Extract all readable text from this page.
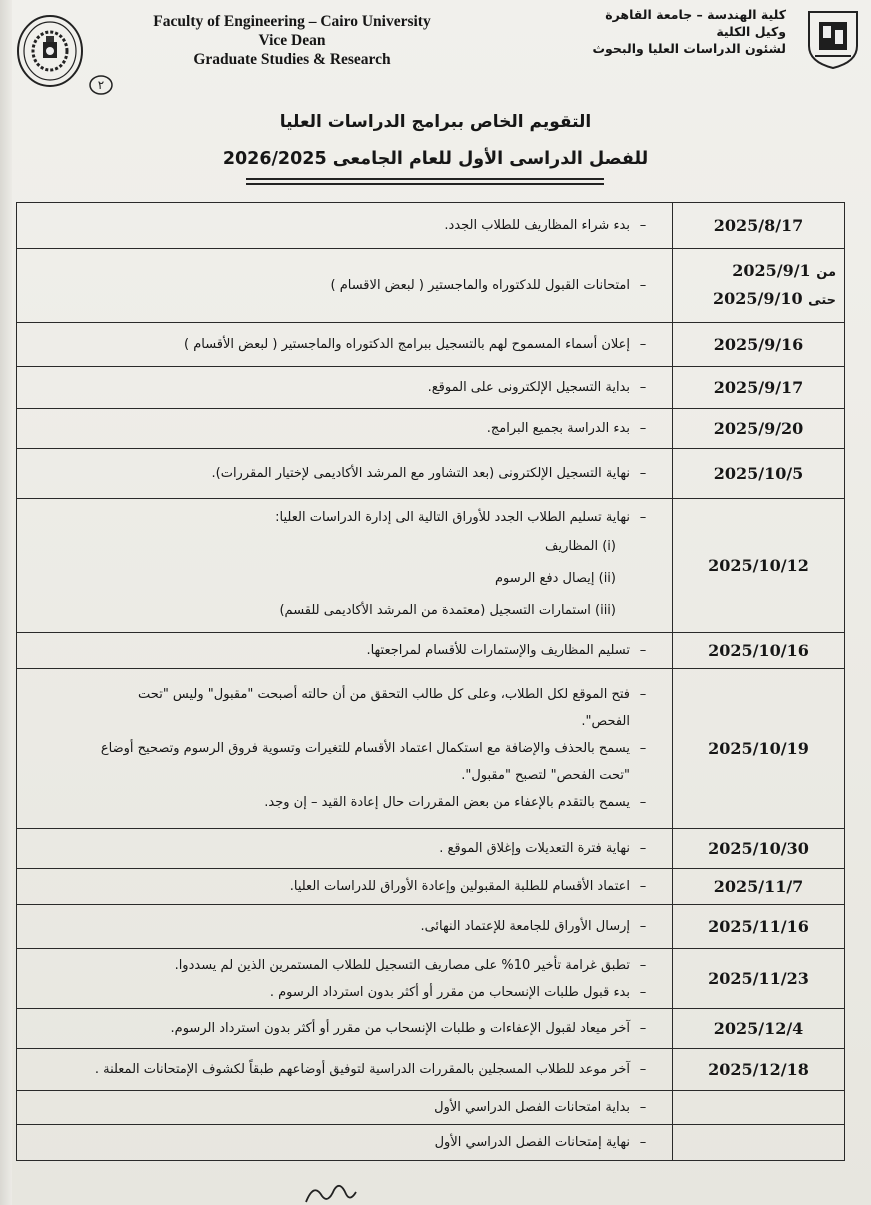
Faculty of Engineering – Cairo University
Vice Dean
Graduate Studies & Research
كلية الهندسة – جامعة القاهرة
وكيل الكلية
لشئون الدراسات العليا والبحوث
٢
التقويم الخاص ببرامج الدراسات العليا
للفصل الدراسى الأول للعام الجامعى 2026/2025
–بدء شراء المظاريف للطلاب الجدد.	2025/8/17

–امتحانات القبول للدكتوراه والماجستير ( لبعض الاقسام )	من 2025/9/1
حتى 2025/9/10

–إعلان أسماء المسموح لهم بالتسجيل ببرامج الدكتوراه والماجستير ( لبعض الأقسام )	2025/9/16

–بداية التسجيل الإلكترونى على الموقع.	2025/9/17

–بدء الدراسة بجميع البرامج.	2025/9/20

–نهاية التسجيل الإلكترونى (بعد التشاور مع المرشد الأكاديمى لإختيار المقررات).	2025/10/5

–نهاية تسليم الطلاب الجدد للأوراق التالية الى إدارة الدراسات العليا:
(i) المظاريف
(ii) إيصال دفع الرسوم
(iii) استمارات التسجيل (معتمدة من المرشد الأكاديمى للقسم)	2025/10/12

–تسليم المظاريف والإستمارات للأقسام لمراجعتها.	2025/10/16

–فتح الموقع لكل الطلاب، وعلى كل طالب التحقق من أن حالته أصبحت "مقبول" وليس "تحت
الفحص".
–يسمح بالحذف والإضافة مع استكمال اعتماد الأقسام للتغيرات وتسوية فروق الرسوم وتصحيح أوضاع
"تحت الفحص" لتصبح "مقبول".
–يسمح بالتقدم بالإعفاء من بعض المقررات حال إعادة القيد – إن وجد.	2025/10/19

–نهاية فترة التعديلات وإغلاق الموقع .	2025/10/30

–اعتماد الأقسام للطلبة المقبولين وإعادة الأوراق للدراسات العليا.	2025/11/7

–إرسال الأوراق للجامعة للإعتماد النهائى.	2025/11/16

–تطبق غرامة تأخير 10% على مصاريف التسجيل للطلاب المستمرين الذين لم يسددوا.
–بدء قبول طلبات الإنسحاب من مقرر أو أكثر بدون استرداد الرسوم .	2025/11/23

–آخر ميعاد لقبول الإعفاءات و طلبات الإنسحاب من مقرر أو أكثر بدون استرداد الرسوم.	2025/12/4

–آخر موعد للطلاب المسجلين بالمقررات الدراسية لتوفيق أوضاعهم طبقاً لكشوف الإمتحانات المعلنة .	2025/12/18

–بداية امتحانات الفصل الدراسي الأول	

–نهاية إمتحانات الفصل الدراسي الأول	
